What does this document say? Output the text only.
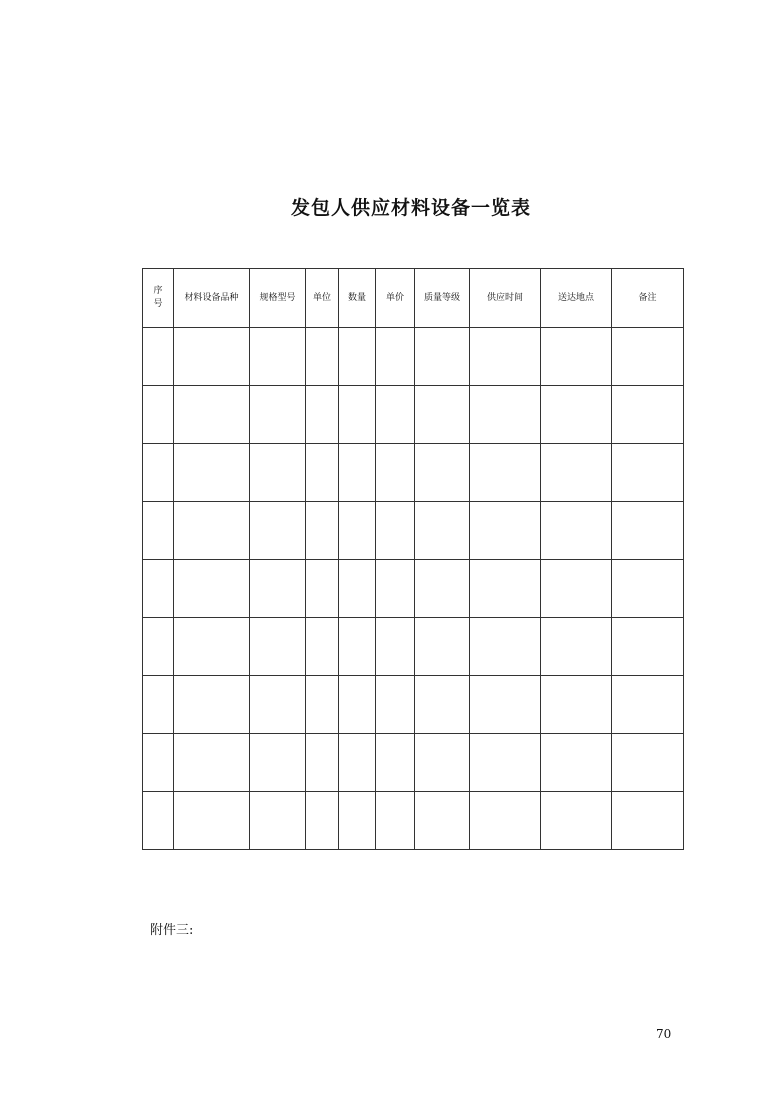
发包人供应材料设备一览表
序
号	材料设备品种	规格型号	单位	数量	单价	质量等级	供应时间	送达地点	备注

附件三:
70
